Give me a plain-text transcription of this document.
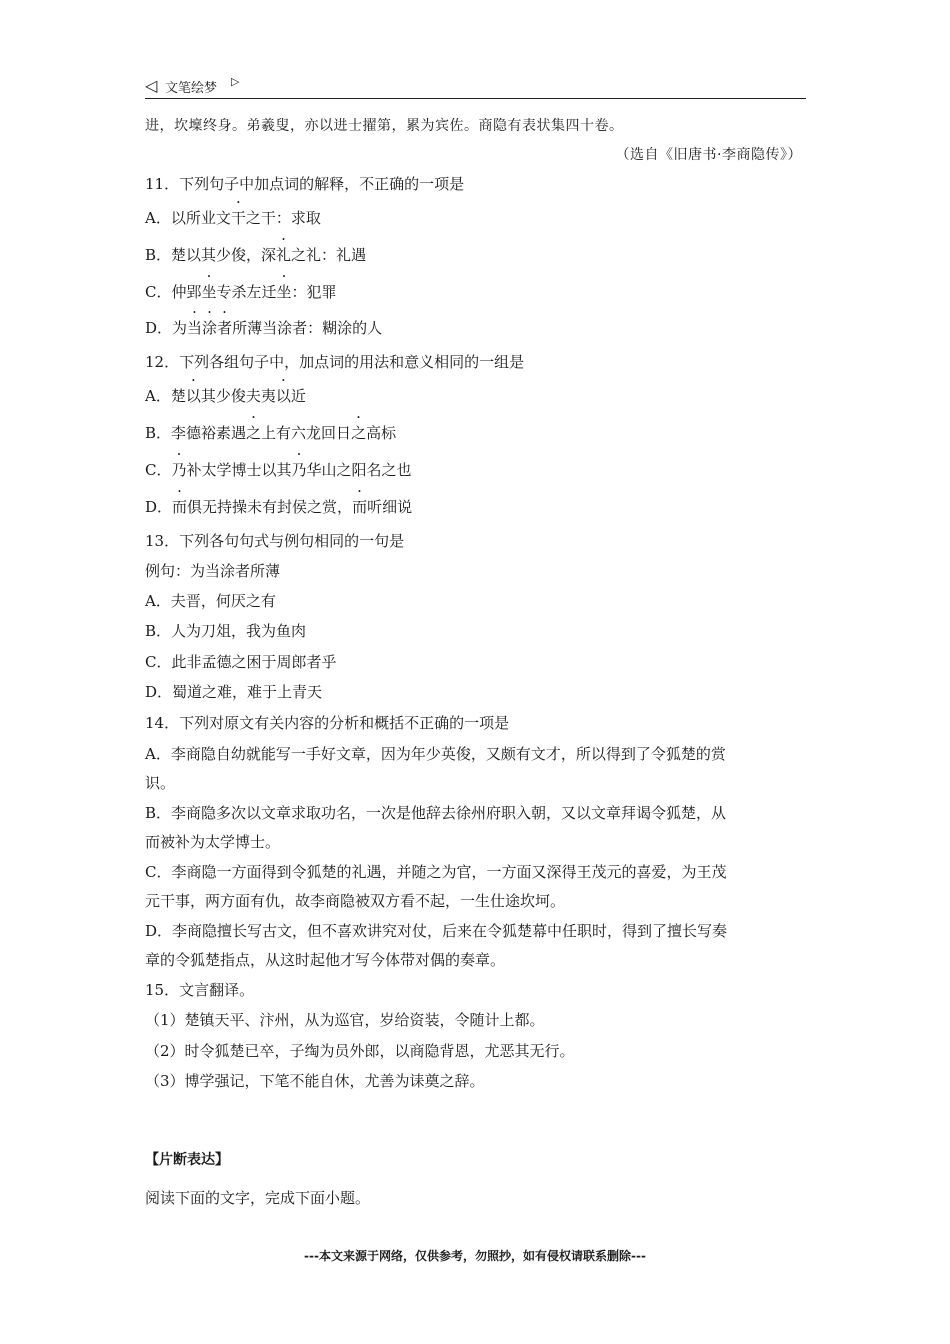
◁ 文笔绘梦 ▷
进，坎壈终身。弟羲叟，亦以进士擢第，累为宾佐。商隐有表状集四十卷。
（选自《旧唐书·李商隐传》）
11．下列句子中加点词的解释，不正确的一项是
A．以所业文干之干：求取
B．楚以其少俊，深礼之礼：礼遇
C．仲郢坐专杀左迁坐：犯罪
D．为当涂者所薄当涂者：糊涂的人
12．下列各组句子中，加点词的用法和意义相同的一组是
A．楚以其少俊夫夷以近
B．李德裕素遇之上有六龙回日之高标
C．乃补太学博士以其乃华山之阳名之也
D．而俱无持操未有封侯之赏，而听细说
13．下列各句句式与例句相同的一句是
例句：为当涂者所薄
A．夫晋，何厌之有
B．人为刀俎，我为鱼肉
C．此非孟德之困于周郎者乎
D．蜀道之难，难于上青天
14．下列对原文有关内容的分析和概括不正确的一项是
A．李商隐自幼就能写一手好文章，因为年少英俊，又颇有文才，所以得到了令狐楚的赏
识。
B．李商隐多次以文章求取功名，一次是他辞去徐州府职入朝，又以文章拜谒令狐楚，从
而被补为太学博士。
C．李商隐一方面得到令狐楚的礼遇，并随之为官，一方面又深得王茂元的喜爱，为王茂
元干事，两方面有仇，故李商隐被双方看不起，一生仕途坎坷。
D．李商隐擅长写古文，但不喜欢讲究对仗，后来在令狐楚幕中任职时，得到了擅长写奏
章的令狐楚指点，从这时起他才写今体带对偶的奏章。
15．文言翻译。
（1）楚镇天平、汴州，从为巡官，岁给资装，令随计上都。
（2）时令狐楚已卒，子绹为员外郎，以商隐背恩，尤恶其无行。
（3）博学强记，下笔不能自休，尤善为诔奠之辞。
【片断表达】
阅读下面的文字，完成下面小题。
---本文来源于网络，仅供参考，勿照抄，如有侵权请联系删除---
